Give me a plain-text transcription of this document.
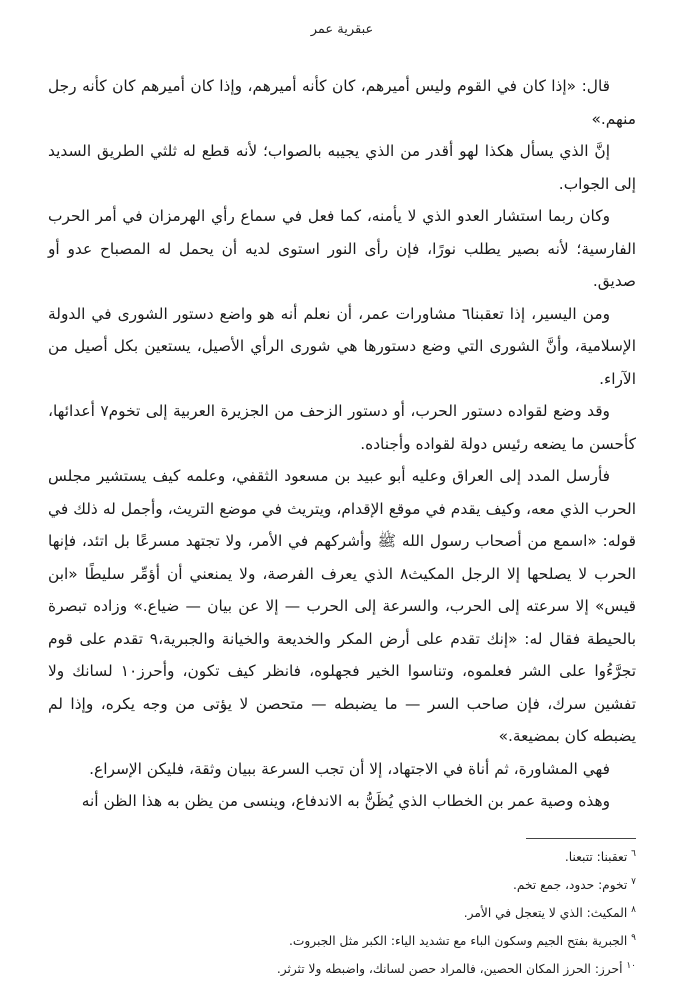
عبقرية عمر

قال: «إذا كان في القوم وليس أميرهم، كان كأنه أميرهم، وإذا كان أميرهم كان كأنه رجل منهم.»

إنَّ الذي يسأل هكذا لهو أقدر من الذي يجيبه بالصواب؛ لأنه قطع له ثلثي الطريق السديد إلى الجواب.

وكان ربما استشار العدو الذي لا يأمنه، كما فعل في سماع رأي الهرمزان في أمر الحرب الفارسية؛ لأنه بصير يطلب نورًا، فإن رأى النور استوى لديه أن يحمل له المصباح عدو أو صديق.

ومن اليسير، إذا تعقبنا٦ مشاورات عمر، أن نعلم أنه هو واضع دستور الشورى في الدولة الإسلامية، وأنَّ الشورى التي وضع دستورها هي شورى الرأي الأصيل، يستعين بكل أصيل من الآراء.

وقد وضع لقواده دستور الحرب، أو دستور الزحف من الجزيرة العربية إلى تخوم٧ أعدائها، كأحسن ما يضعه رئيس دولة لقواده وأجناده.

فأرسل المدد إلى العراق وعليه أبو عبيد بن مسعود الثقفي، وعلمه كيف يستشير مجلس الحرب الذي معه، وكيف يقدم في موقع الإقدام، ويتريث في موضع التريث، وأجمل له ذلك في قوله: «اسمع من أصحاب رسول الله ﷺ وأشركهم في الأمر، ولا تجتهد مسرعًا بل اتئد، فإنها الحرب لا يصلحها إلا الرجل المكيث٨ الذي يعرف الفرصة، ولا يمنعني أن أؤمِّر سليطًا «ابن قيس» إلا سرعته إلى الحرب، والسرعة إلى الحرب — إلا عن بيان — ضياع.» وزاده تبصرة بالحيطة فقال له: «إنك تقدم على أرض المكر والخديعة والخيانة والجبرية،٩ تقدم على قوم تجرَّءُوا على الشر فعلموه، وتناسوا الخير فجهلوه، فانظر كيف تكون، وأحرز١٠ لسانك ولا تفشين سرك، فإن صاحب السر — ما يضبطه — متحصن لا يؤتى من وجه يكره، وإذا لم يضبطه كان بمضيعة.»

فهي المشاورة، ثم أناة في الاجتهاد، إلا أن تجب السرعة ببيان وثقة، فليكن الإسراع.

وهذه وصية عمر بن الخطاب الذي يُظَنُّ به الاندفاع، وينسى من يظن به هذا الظن أنه

$^٦$ تعقبنا: تتبعنا.

$^٧$ تخوم: حدود، جمع تخم.

$^٨$ المكيث: الذي لا يتعجل في الأمر.

$^٩$ الجبرية بفتح الجيم وسكون الباء مع تشديد الياء: الكبر مثل الجبروت.

$^{١٠}$ أحرز: الحرز المكان الحصين، فالمراد حصن لسانك، واضبطه ولا تثرثر.
